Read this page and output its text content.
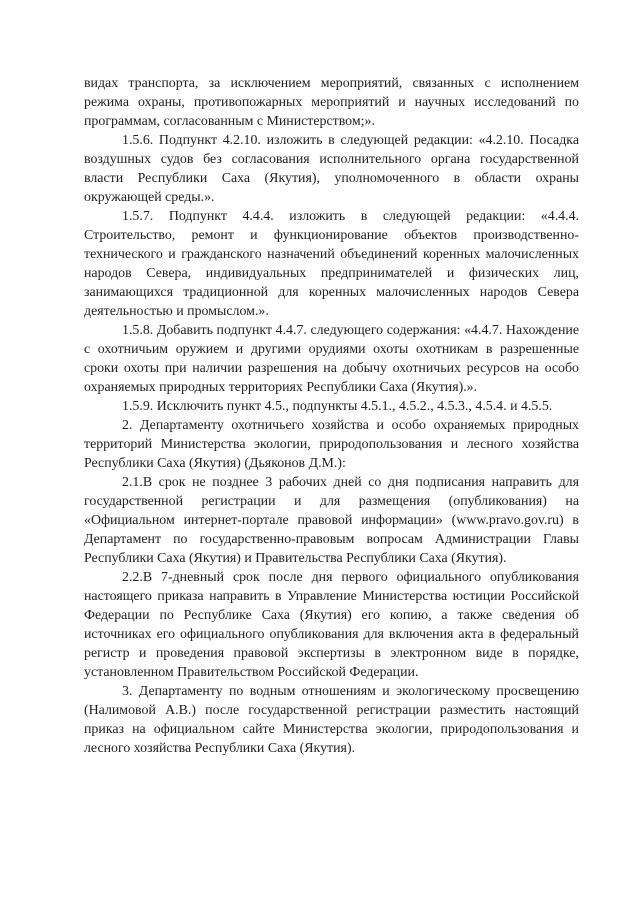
видах транспорта, за исключением мероприятий, связанных с исполнением режима охраны, противопожарных мероприятий и научных исследований по программам, согласованным с Министерством;».

1.5.6. Подпункт 4.2.10. изложить в следующей редакции: «4.2.10. Посадка воздушных судов без согласования исполнительного органа государственной власти Республики Саха (Якутия), уполномоченного в области охраны окружающей среды.».

1.5.7. Подпункт 4.4.4. изложить в следующей редакции: «4.4.4. Строительство, ремонт и функционирование объектов производственно-технического и гражданского назначений объединений коренных малочисленных народов Севера, индивидуальных предпринимателей и физических лиц, занимающихся традиционной для коренных малочисленных народов Севера деятельностью и промыслом.».

1.5.8. Добавить подпункт 4.4.7. следующего содержания: «4.4.7. Нахождение с охотничьим оружием и другими орудиями охоты охотникам в разрешенные сроки охоты при наличии разрешения на добычу охотничьих ресурсов на особо охраняемых природных территориях Республики Саха (Якутия).».

1.5.9. Исключить пункт 4.5., подпункты 4.5.1., 4.5.2., 4.5.3., 4.5.4. и 4.5.5.

2. Департаменту охотничьего хозяйства и особо охраняемых природных территорий Министерства экологии, природопользования и лесного хозяйства Республики Саха (Якутия) (Дьяконов Д.М.):

2.1.В срок не позднее 3 рабочих дней со дня подписания направить для государственной регистрации и для размещения (опубликования) на «Официальном интернет-портале правовой информации» (www.pravo.gov.ru) в Департамент по государственно-правовым вопросам Администрации Главы Республики Саха (Якутия) и Правительства Республики Саха (Якутия).

2.2.В 7-дневный срок после дня первого официального опубликования настоящего приказа направить в Управление Министерства юстиции Российской Федерации по Республике Саха (Якутия) его копию, а также сведения об источниках его официального опубликования для включения акта в федеральный регистр и проведения правовой экспертизы в электронном виде в порядке, установленном Правительством Российской Федерации.

3. Департаменту по водным отношениям и экологическому просвещению (Налимовой А.В.) после государственной регистрации разместить настоящий приказ на официальном сайте Министерства экологии, природопользования и лесного хозяйства Республики Саха (Якутия).
